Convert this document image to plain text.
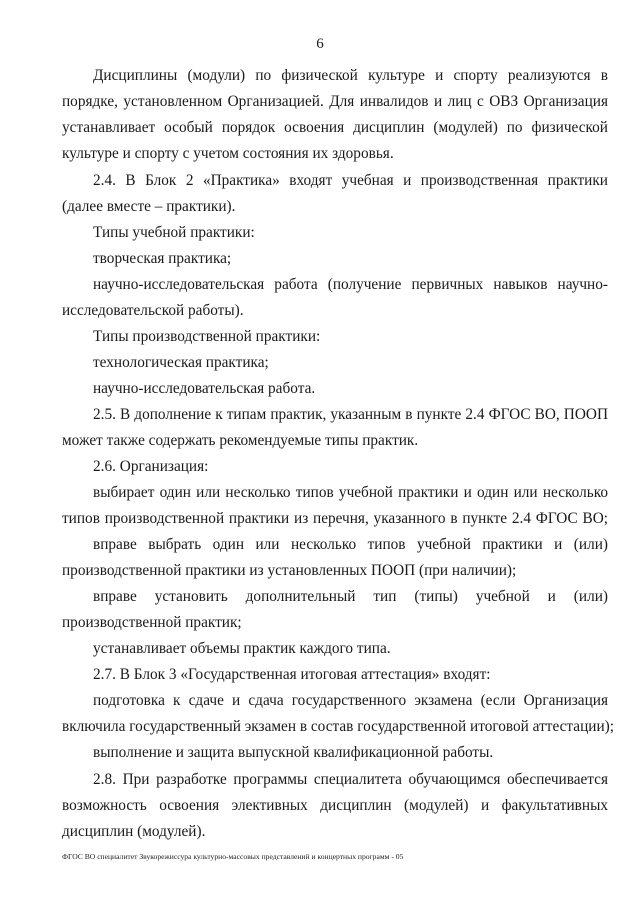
6
Дисциплины (модули) по физической культуре и спорту реализуются в
порядке, установленном Организацией. Для инвалидов и лиц с ОВЗ Организация
устанавливает особый порядок освоения дисциплин (модулей) по физической
культуре и спорту с учетом состояния их здоровья.
2.4. В Блок 2 «Практика» входят учебная и производственная практики
(далее вместе – практики).
Типы учебной практики:
творческая практика;
научно-исследовательская работа (получение первичных навыков научно-
исследовательской работы).
Типы производственной практики:
технологическая практика;
научно-исследовательская работа.
2.5. В дополнение к типам практик, указанным в пункте 2.4 ФГОС ВО, ПООП
может также содержать рекомендуемые типы практик.
2.6. Организация:
выбирает один или несколько типов учебной практики и один или несколько
типов производственной практики из перечня, указанного в пункте 2.4 ФГОС ВО;
вправе выбрать один или несколько типов учебной практики и (или)
производственной практики из установленных ПООП (при наличии);
вправе установить дополнительный тип (типы) учебной и (или)
производственной практик;
устанавливает объемы практик каждого типа.
2.7. В Блок 3 «Государственная итоговая аттестация» входят:
подготовка к сдаче и сдача государственного экзамена (если Организация
включила государственный экзамен в состав государственной итоговой аттестации);
выполнение и защита выпускной квалификационной работы.
2.8. При разработке программы специалитета обучающимся обеспечивается
возможность освоения элективных дисциплин (модулей) и факультативных
дисциплин (модулей).
ФГОС ВО специалитет Звукорежиссура культурно-массовых представлений и концертных программ - 05
